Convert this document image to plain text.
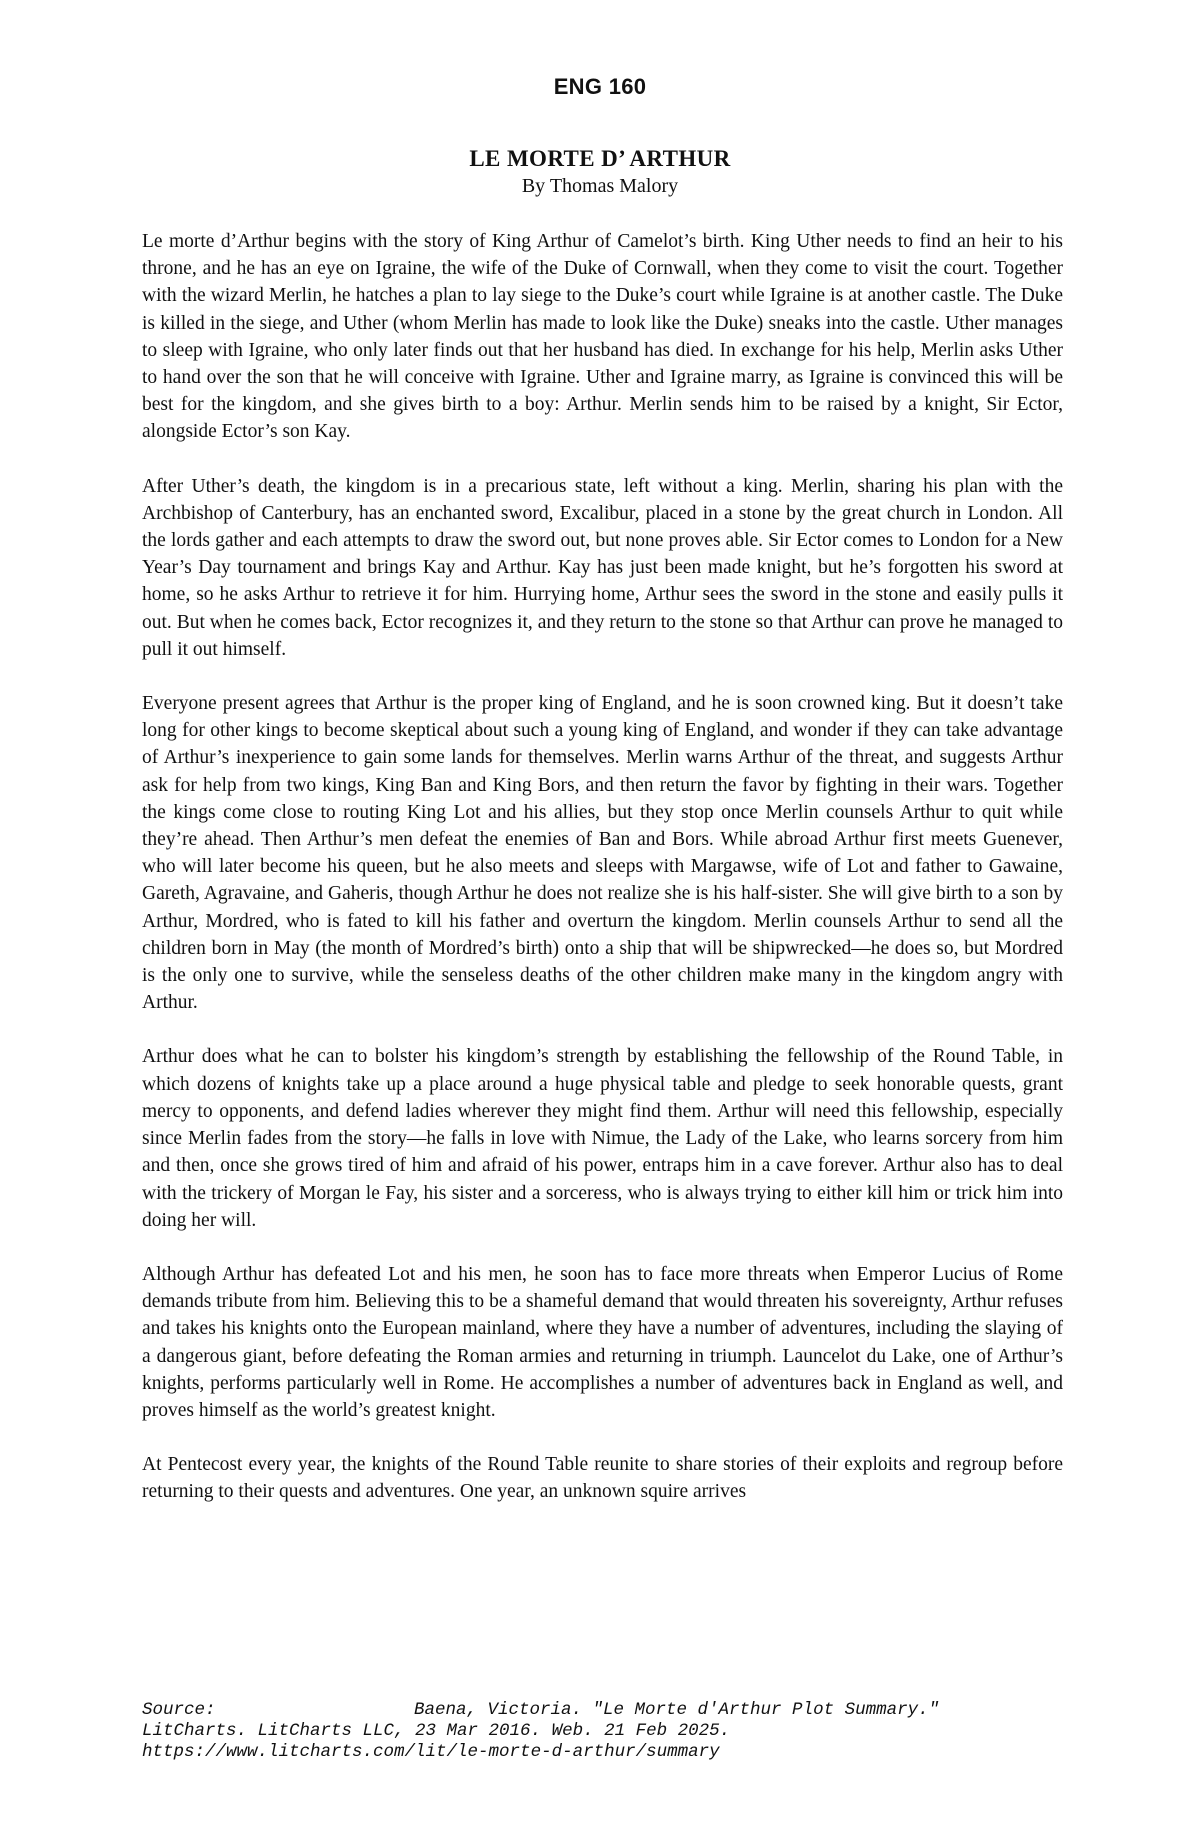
ENG 160
LE MORTE D’ ARTHUR
By Thomas Malory

Le morte d’Arthur begins with the story of King Arthur of Camelot’s birth. King Uther needs to find an heir to his throne, and he has an eye on Igraine, the wife of the Duke of Cornwall, when they come to visit the court. Together with the wizard Merlin, he hatches a plan to lay siege to the Duke’s court while Igraine is at another castle. The Duke is killed in the siege, and Uther (whom Merlin has made to look like the Duke) sneaks into the castle. Uther manages to sleep with Igraine, who only later finds out that her husband has died. In exchange for his help, Merlin asks Uther to hand over the son that he will conceive with Igraine. Uther and Igraine marry, as Igraine is convinced this will be best for the kingdom, and she gives birth to a boy: Arthur. Merlin sends him to be raised by a knight, Sir Ector, alongside Ector’s son Kay.

After Uther’s death, the kingdom is in a precarious state, left without a king. Merlin, sharing his plan with the Archbishop of Canterbury, has an enchanted sword, Excalibur, placed in a stone by the great church in London. All the lords gather and each attempts to draw the sword out, but none proves able. Sir Ector comes to London for a New Year’s Day tournament and brings Kay and Arthur. Kay has just been made knight, but he’s forgotten his sword at home, so he asks Arthur to retrieve it for him. Hurrying home, Arthur sees the sword in the stone and easily pulls it out. But when he comes back, Ector recognizes it, and they return to the stone so that Arthur can prove he managed to pull it out himself.

Everyone present agrees that Arthur is the proper king of England, and he is soon crowned king. But it doesn’t take long for other kings to become skeptical about such a young king of England, and wonder if they can take advantage of Arthur’s inexperience to gain some lands for themselves. Merlin warns Arthur of the threat, and suggests Arthur ask for help from two kings, King Ban and King Bors, and then return the favor by fighting in their wars. Together the kings come close to routing King Lot and his allies, but they stop once Merlin counsels Arthur to quit while they’re ahead. Then Arthur’s men defeat the enemies of Ban and Bors. While abroad Arthur first meets Guenever, who will later become his queen, but he also meets and sleeps with Margawse, wife of Lot and father to Gawaine, Gareth, Agravaine, and Gaheris, though Arthur he does not realize she is his half-sister. She will give birth to a son by Arthur, Mordred, who is fated to kill his father and overturn the kingdom. Merlin counsels Arthur to send all the children born in May (the month of Mordred’s birth) onto a ship that will be shipwrecked—he does so, but Mordred is the only one to survive, while the senseless deaths of the other children make many in the kingdom angry with Arthur.

Arthur does what he can to bolster his kingdom’s strength by establishing the fellowship of the Round Table, in which dozens of knights take up a place around a huge physical table and pledge to seek honorable quests, grant mercy to opponents, and defend ladies wherever they might find them. Arthur will need this fellowship, especially since Merlin fades from the story—he falls in love with Nimue, the Lady of the Lake, who learns sorcery from him and then, once she grows tired of him and afraid of his power, entraps him in a cave forever. Arthur also has to deal with the trickery of Morgan le Fay, his sister and a sorceress, who is always trying to either kill him or trick him into doing her will.

Although Arthur has defeated Lot and his men, he soon has to face more threats when Emperor Lucius of Rome demands tribute from him. Believing this to be a shameful demand that would threaten his sovereignty, Arthur refuses and takes his knights onto the European mainland, where they have a number of adventures, including the slaying of a dangerous giant, before defeating the Roman armies and returning in triumph. Launcelot du Lake, one of Arthur’s knights, performs particularly well in Rome. He accomplishes a number of adventures back in England as well, and proves himself as the world’s greatest knight.

At Pentecost every year, the knights of the Round Table reunite to share stories of their exploits and regroup before returning to their quests and adventures. One year, an unknown squire arrives

Source:	Baena, Victoria. "Le Morte d'Arthur Plot Summary."
LitCharts. LitCharts LLC, 23 Mar 2016. Web. 21 Feb 2025.
https://www.litcharts.com/lit/le-morte-d-arthur/summary
